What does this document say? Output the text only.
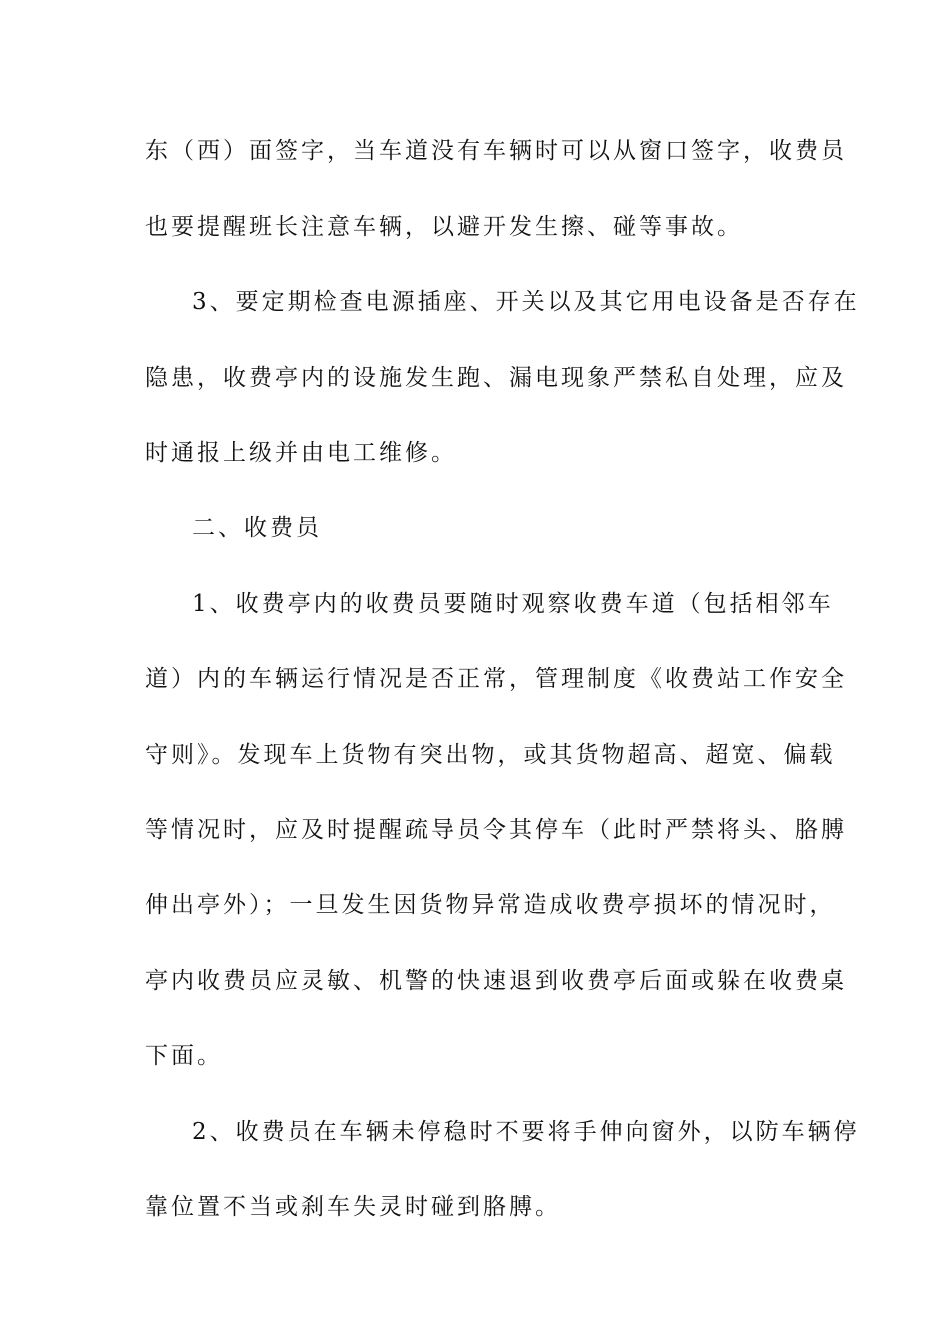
东（西）面签字，当车道没有车辆时可以从窗口签字，收费员
也要提醒班长注意车辆，以避开发生擦、碰等事故。
3、要定期检查电源插座、开关以及其它用电设备是否存在
隐患，收费亭内的设施发生跑、漏电现象严禁私自处理，应及
时通报上级并由电工维修。
二、收费员
1、收费亭内的收费员要随时观察收费车道（包括相邻车
道）内的车辆运行情况是否正常，管理制度《收费站工作安全
守则》。发现车上货物有突出物，或其货物超高、超宽、偏载
等情况时，应及时提醒疏导员令其停车（此时严禁将头、胳膊
伸出亭外）；一旦发生因货物异常造成收费亭损坏的情况时，
亭内收费员应灵敏、机警的快速退到收费亭后面或躲在收费桌
下面。
2、收费员在车辆未停稳时不要将手伸向窗外，以防车辆停
靠位置不当或刹车失灵时碰到胳膊。
